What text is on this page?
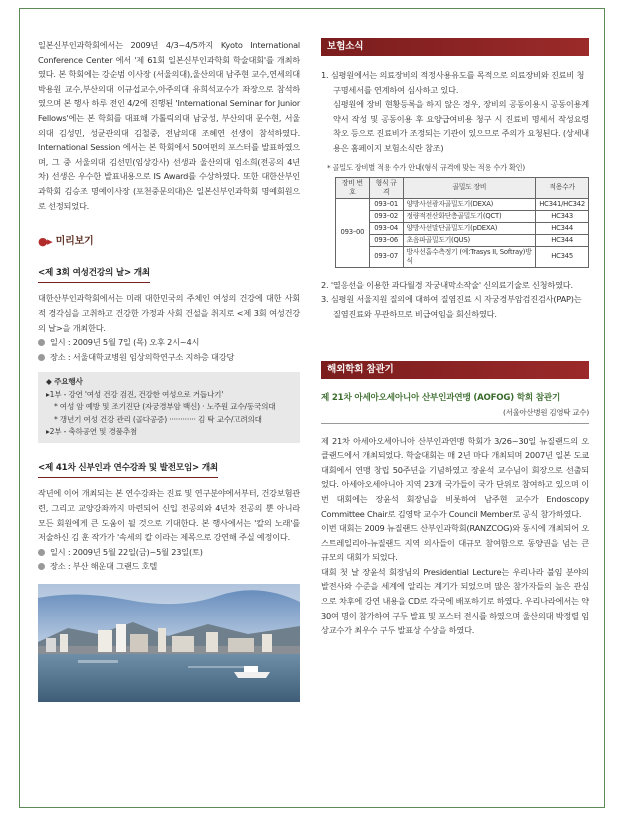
일본신부인과학회에서는 2009년 4/3~4/5까지 Kyoto International Conference Center 에서 '제 61회 일본신부인과학회 학술대회'를 개최하였다. 본 학회에는 강순범 이사장 (서울의대),울산의대 남주현 교수,연세의대 박용원 교수,부산의대 이규섭교수,아주의대 유희석교수가 좌장으로 참석하였으며 본 행사 하루 전인 4/2에 진행된 'International Seminar for Junior Fellows'에는 본 학회를 대표해 가톨릭의대 남궁성, 부산의대 문수현, 서울의대 김성민, 성균관의대 김철중, 전남의대 조혜연 선생이 참석하였다. International Session 에서는 본 학회에서 50여편의 포스터를 발표하였으며, 그 중 서울의대 김선민(임상강사) 선생과 울산의대 임소희(전공의 4년차) 선생은 우수한 발표내용으로 IS Award를 수상하였다. 또한 대한산부인과학회 김승조 명예이사장 (포천중문의대)은 일본신부인과학회 명예회원으로 선정되었다.

●▸▸ 미리보기
<제 3회 여성건강의 날> 개최

대한산부인과학회에서는 미래 대한민국의 주체인 여성의 건강에 대한 사회적 경각심을 고취하고 건강한 가정과 사회 건설을 취지로 <제 3회 여성건강의 날>을 개최한다.

일시 : 2009년 5월 7일 (목) 오후 2시~4시

장소 : 서울대학교병원 임상의학연구소 지하층 대강당

◆ 주요행사
▸1부 - 강연 '여성 건강 검진, 건강한 여성으로 거듭나기'
* 여성 암 예방 및 조기진단 (자궁경부암 백신) · 노주원 교수/동국의대
* 갱년기 여성 건강 관리 (골다공증) ············ 김 탁 교수/고려의대
▸2부 - 축하공연 및 경품추첨
<제 41차 신부인과 연수강좌 및 발전모임> 개최

작년에 이어 개최되는 본 연수강좌는 진료 및 연구분야에서부터, 건강보험관련, 그리고 교양강좌까지 마련되어 신입 전공의와 4년차 전공의 뿐 아니라 모든 회원에게 큰 도움이 될 것으로 기대한다. 본 행사에서는 '칼의 노래'를 저술하신 김 훈 작가가 '속세의 칼 이라는 제목으로 강연해 주실 예정이다.

일시 : 2009년 5월 22일(금)~5월 23일(토)

장소 : 부산 해운대 그랜드 호텔

보험소식

1. 심평원에서는 의료장비의 적정사용유도를 목적으로 의료장비와 진료비 청구명세서를 연계하여 심사하고 있다.

심평원에 장비 현황등록을 하지 않은 경우, 장비의 공동이용시 공동이용계약서 작성 및 공동이용 후 요양급여비용 청구 시 진료비 명세서 작성요령 착오 등으로 진료비가 조정되는 기관이 있으므로 주의가 요청된다. (상세내용은 홈페이지 보험소식란 참조)

* 골밀도 장비별 적용 수가 안내(형식 규격에 맞는 적용 수가 확인)

장비 번호	형식 규격	골밀도 장비	적용수가
093–00	093–01	양방사선광자골밀도기(DEXA)	HC341/HC342
	093–02	정량적전산화단층골밀도기(QCT)	HC343
	093–04	양방사선말단골밀도기(pDEXA)	HC344
	093–06	초음파골밀도기(QUS)	HC344
	093–07	방사선흡수측정기 (예:Trasys II, Softray)방식	HC345

2. '열응선을 이용한 과다월경 자궁내막소작술' 신의료기술로 신청하였다.

3. 심평원 서울지원 질의에 대하여 질염진료 시 자궁경부암검진검사(PAP)는 질염진료와 무관하므로 비급여임을 회신하였다.

해외학회 참관기

제 21차 아세아오세아니아 산부인과연맹 (AOFOG) 학회 참관기

(서울아산병원 김영탁 교수)

제 21차 아세아오세아니아 산부인과연맹 학회가 3/26~30일 뉴질랜드의 오클랜드에서 개최되었다. 학술대회는 매 2년 마다 개최되며 2007년 일본 도쿄 대회에서 연맹 창립 50주년을 기념하였고 장윤석 교수님이 회장으로 선출되었다. 아세아오세아니아 지역 23개 국가들이 국가 단위로 참여하고 있으며 이번 대회에는 장윤석 회장님을 비롯하여 남주현 교수가 Endoscopy Committee Chair로 김영탁 교수가 Council Member로 공식 참가하였다.

이번 대회는 2009 뉴질랜드 산부인과학회(RANZCOG)와 동시에 개최되어 오스트레일리아-뉴질랜드 지역 의사들이 대규모 참여함으로 동양권을 넘는 큰 규모의 대회가 되었다.

대회 첫 날 장윤석 회장님의 Presidential Lecture는 우리나라 불임 분야의 발전사와 수준을 세계에 알리는 계기가 되었으며 많은 참가자들의 높은 관심으로 차후에 강연 내용을 CD로 각국에 배포하기로 하였다. 우리나라에서는 약 30여 명이 참가하여 구두 발표 및 포스터 전시를 하였으며 울산의대 박정렬 임상교수가 최우수 구두 발표상 수상을 하였다.
